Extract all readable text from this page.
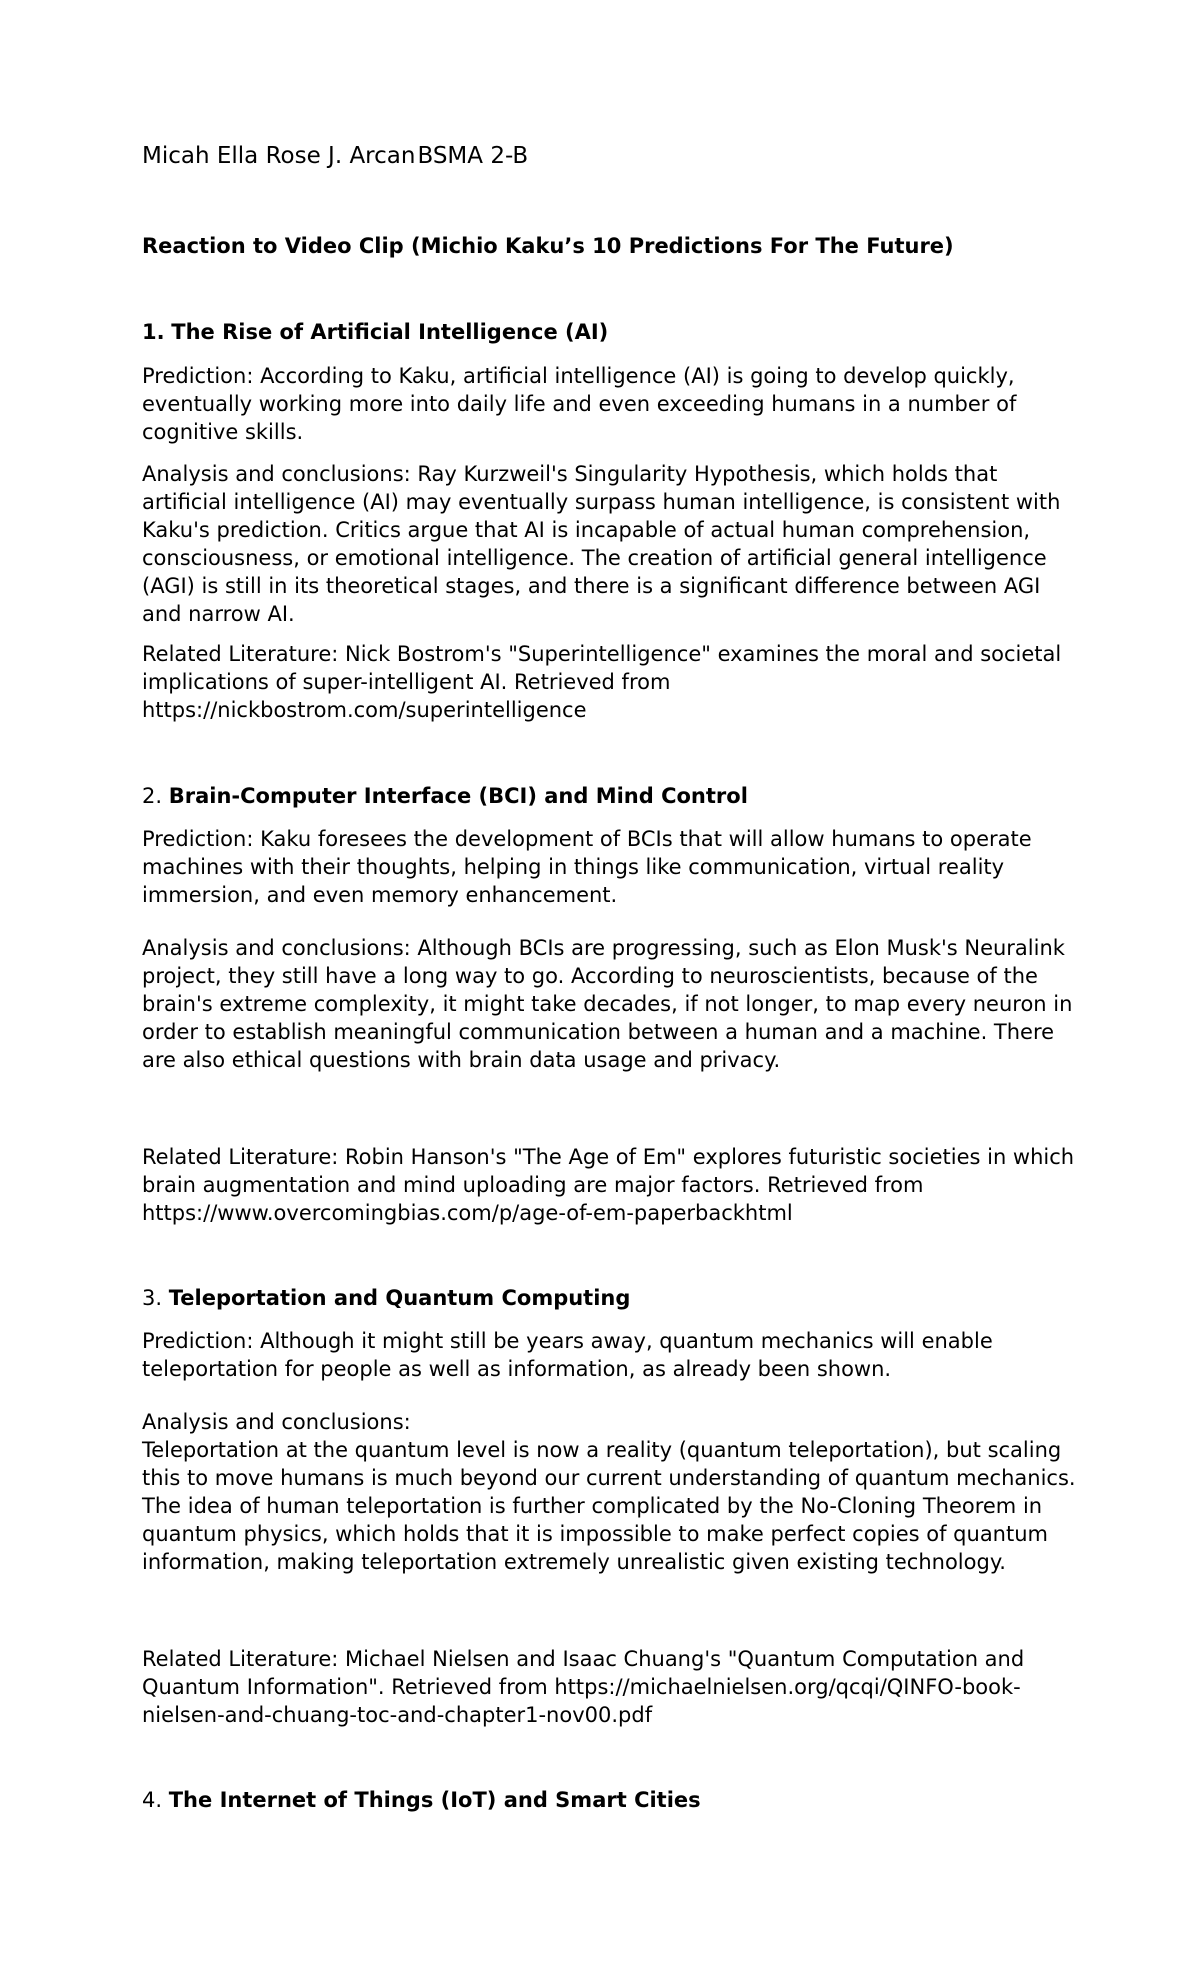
Micah Ella Rose J. ArcanBSMA 2-B
Reaction to Video Clip (Michio Kaku’s 10 Predictions For The Future)
1. The Rise of Artificial Intelligence (AI)

Prediction: According to Kaku, artificial intelligence (AI) is going to develop quickly, eventually working more into daily life and even exceeding humans in a number of cognitive skills.

Analysis and conclusions: Ray Kurzweil's Singularity Hypothesis, which holds that artificial intelligence (AI) may eventually surpass human intelligence, is consistent with Kaku's prediction. Critics argue that AI is incapable of actual human comprehension, consciousness, or emotional intelligence. The creation of artificial general intelligence (AGI) is still in its theoretical stages, and there is a significant difference between AGI and narrow AI.

Related Literature: Nick Bostrom's "Superintelligence" examines the moral and societal implications of super-intelligent AI. Retrieved from https://nickbostrom.com/superintelligence

2. Brain-Computer Interface (BCI) and Mind Control

Prediction: Kaku foresees the development of BCIs that will allow humans to operate machines with their thoughts, helping in things like communication, virtual reality immersion, and even memory enhancement.

Analysis and conclusions: Although BCIs are progressing, such as Elon Musk's Neuralink project, they still have a long way to go. According to neuroscientists, because of the brain's extreme complexity, it might take decades, if not longer, to map every neuron in order to establish meaningful communication between a human and a machine. There are also ethical questions with brain data usage and privacy.

Related Literature: Robin Hanson's "The Age of Em" explores futuristic societies in which brain augmentation and mind uploading are major factors. Retrieved from https://www.overcomingbias.com/p/age-of-em-paperbackhtml

3. Teleportation and Quantum Computing

Prediction: Although it might still be years away, quantum mechanics will enable teleportation for people as well as information, as already been shown.

Analysis and conclusions:

Teleportation at the quantum level is now a reality (quantum teleportation), but scaling this to move humans is much beyond our current understanding of quantum mechanics. The idea of human teleportation is further complicated by the No-Cloning Theorem in quantum physics, which holds that it is impossible to make perfect copies of quantum information, making teleportation extremely unrealistic given existing technology.

Related Literature: Michael Nielsen and Isaac Chuang's "Quantum Computation and Quantum Information". Retrieved from https://michaelnielsen.org/qcqi/QINFO-book-nielsen-and-chuang-toc-and-chapter1-nov00.pdf

4. The Internet of Things (IoT) and Smart Cities
